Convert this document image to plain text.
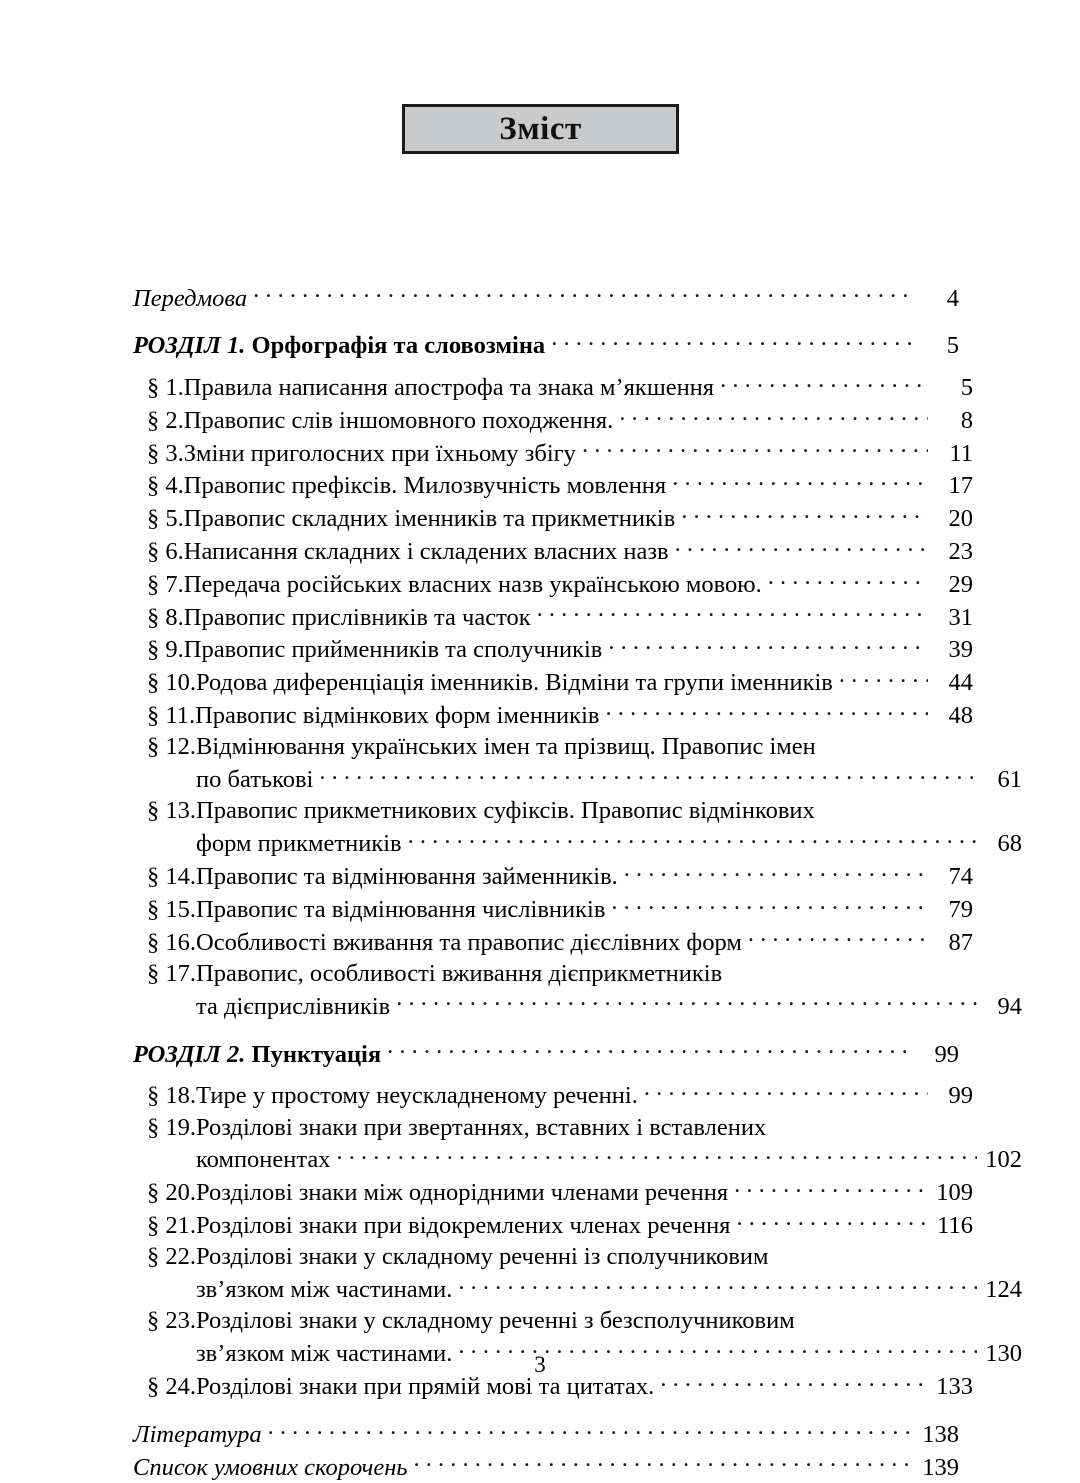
Зміст
Передмова . . .	4
РОЗДІЛ 1. Орфографія та словозміна . . .	5
§ 1.Правила написання апострофа та знака м’якшення . . .	5
§ 2.Правопис слів іншомовного походження. . . .	8
§ 3.Зміни приголосних при їхньому збігу . . .	11
§ 4.Правопис префіксів. Милозвучність мовлення . . .	17
§ 5.Правопис складних іменників та прикметників . . .	20
§ 6.Написання складних і складених власних назв . . .	23
§ 7.Передача російських власних назв українською мовою. . . .	29
§ 8.Правопис прислівників та часток . . .	31
§ 9.Правопис прийменників та сполучників . . .	39
§ 10.Родова диференціація іменників. Відміни та групи іменників . . .	44
§ 11.Правопис відмінкових форм іменників . . .	48
§ 12.Відмінювання українських імен та прізвищ. Правопис імен
по батькові . . .	61
§ 13.Правопис прикметникових суфіксів. Правопис відмінкових
форм прикметників . . .	68
§ 14.Правопис та відмінювання займенників. . . .	74
§ 15.Правопис та відмінювання числівників . . .	79
§ 16.Особливості вживання та правопис дієслівних форм . . .	87
§ 17.Правопис, особливості вживання дієприкметників
та дієприслівників . . .	94
РОЗДІЛ 2. Пунктуація . . .	99
§ 18.Тире у простому неускладненому реченні. . . .	99
§ 19.Розділові знаки при звертаннях, вставних і вставлених
компонентах . . .	102
§ 20.Розділові знаки між однорідними членами речення . . .	109
§ 21.Розділові знаки при відокремлених членах речення . . .	116
§ 22.Розділові знаки у складному реченні із сполучниковим
зв’язком між частинами. . . .	124
§ 23.Розділові знаки у складному реченні з безсполучниковим
зв’язком між частинами. . . .	130
§ 24.Розділові знаки при прямій мові та цитатах. . . .	133
Література . . .	138
Список умовних скорочень . . .	139
3
